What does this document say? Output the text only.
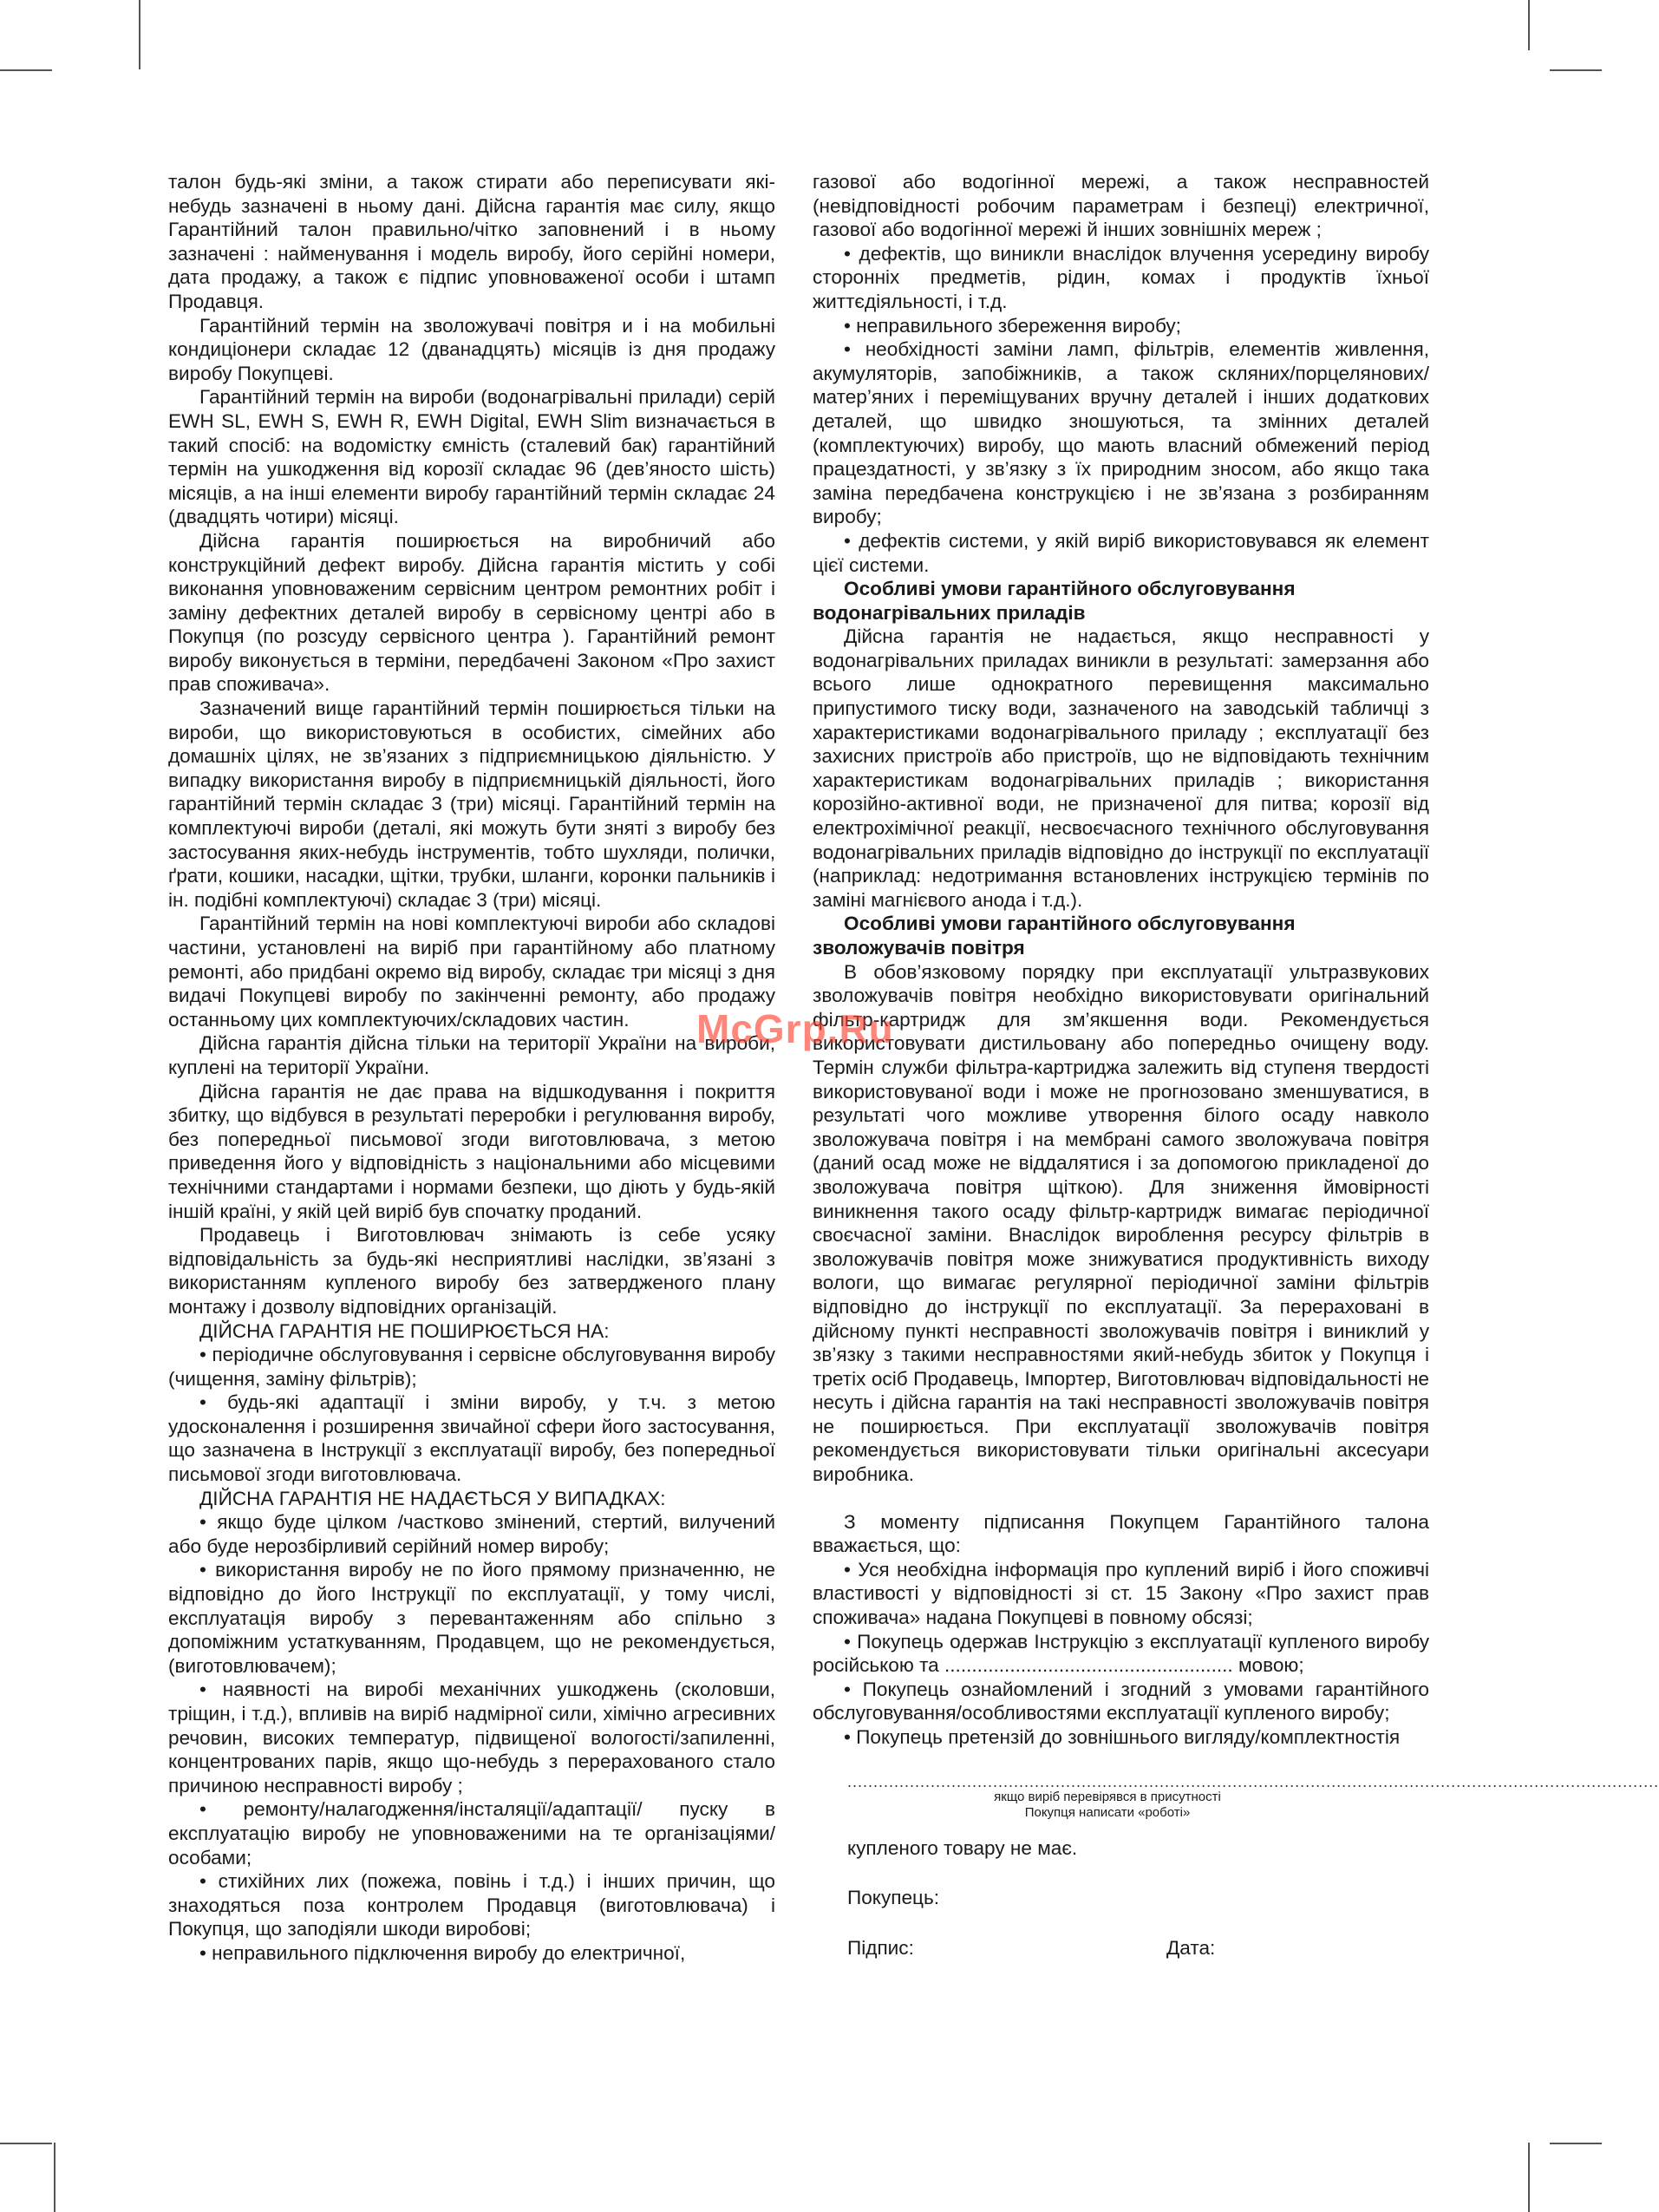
талон будь-які зміни, а також стирати або переписувати які-небудь зазначені в ньому дані. Дійсна гарантія має силу, якщо Гарантійний талон правильно/чітко заповнений і в ньому зазначені : найменування і модель виробу, його серійні номери, дата продажу, а також є підпис уповноваженої особи і штамп Продавця.

Гарантійний термін на зволожувачі повітря и і на мобильні кондиціонери складає 12 (дванадцять) місяців із дня продажу виробу Покупцеві.

Гарантійний термін на вироби (водонагрівальні прилади) серій EWH SL, EWH S, EWH R, EWH Digital, EWH Slim визначається в такий спосіб: на водомістку ємність (сталевий бак) гарантійний термін на ушкодження від корозії складає 96 (дев’яносто шість) місяців, а на інші елементи виробу гарантійний термін складає 24 (двадцять чотири) місяці.

Дійсна гарантія поширюється на виробничий або конструкційний дефект виробу. Дійсна гарантія містить у собі виконання уповноваженим сервісним центром ремонтних робіт і заміну дефектних деталей виробу в сервісному центрі або в Покупця (по розсуду сервісного центра ). Гарантійний ремонт виробу виконується в терміни, передбачені Законом «Про захист прав споживача».

Зазначений вище гарантійний термін поширюється тільки на вироби, що використовуються в особистих, сімейних або домашніх цілях, не зв’язаних з підприємницькою діяльністю. У випадку використання виробу в підприємницькій діяльності, його гарантійний термін складає 3 (три) місяці. Гарантійний термін на комплектуючі вироби (деталі, які можуть бути зняті з виробу без застосування яких-небудь інструментів, тобто шухляди, полички, ґрати, кошики, насадки, щітки, трубки, шланги, коронки пальників і ін. подібні комплектуючі) складає 3 (три) місяці.

Гарантійний термін на нові комплектуючі вироби або складові частини, установлені на виріб при гарантійному або платному ремонті, або придбані окремо від виробу, складає три місяці з дня видачі Покупцеві виробу по закінченні ремонту, або продажу останньому цих комплектуючих/складових частин.

Дійсна гарантія дійсна тільки на території України на вироби, куплені на території України.

Дійсна гарантія не дає права на відшкодування і покриття збитку, що відбувся в результаті переробки і регулювання виробу, без попередньої письмової згоди виготовлювача, з метою приведення його у відповідність з національними або місцевими технічними стандартами і нормами безпеки, що діють у будь-якій іншій країні, у якій цей виріб був спочатку проданий.

Продавець і Виготовлювач знімають із себе усяку відповідальність за будь-які несприятливі наслідки, зв’язані з використанням купленого виробу без затвердженого плану монтажу і дозволу відповідних організацій.

ДІЙСНА ГАРАНТІЯ НЕ ПОШИРЮЄТЬСЯ НА:

• періодичне обслуговування і сервісне обслуговування виробу (чищення, заміну фільтрів);

• будь-які адаптації і зміни виробу, у т.ч. з метою удосконалення і розширення звичайної сфери його застосування, що зазначена в Інструкції з експлуатації виробу, без попередньої письмової згоди виготовлювача.

ДІЙСНА ГАРАНТІЯ НЕ НАДАЄТЬСЯ У ВИПАДКАХ:

• якщо буде цілком /частково змінений, стертий, вилучений або буде нерозбірливий серійний номер виробу;

• використання виробу не по його прямому призначенню, не відповідно до його Інструкції по експлуатації, у тому числі, експлуатація виробу з перевантаженням або спільно з допоміжним устаткуванням, Продавцем, що не рекомендується, (виготовлювачем);

• наявності на виробі механічних ушкоджень (сколовши, тріщин, і т.д.), впливів на виріб надмірної сили, хімічно агресивних речовин, високих температур, підвищеної вологості/запиленні, концентрованих парів, якщо що-небудь з перерахованого стало причиною несправності виробу ;

• ремонту/налагодження/інсталяції/адаптації/ пуску в експлуатацію виробу не уповноваженими на те організаціями/особами;

• стихійних лих (пожежа, повінь і т.д.) і інших причин, що знаходяться поза контролем Продавця (виготовлювача) і Покупця, що заподіяли шкоди виробові;

• неправильного підключення виробу до електричної,

газової або водогінної мережі, а також несправностей (невідповідності робочим параметрам і безпеці) електричної, газової або водогінної мережі й інших зовнішніх мереж ;

• дефектів, що виникли внаслідок влучення усередину виробу сторонніх предметів, рідин, комах і продуктів їхньої життєдіяльності, і т.д.

• неправильного збереження виробу;

• необхідності заміни ламп, фільтрів, елементів живлення, акумуляторів, запобіжників, а також скляних/порцелянових/матер’яних і переміщуваних вручну деталей і інших додаткових деталей, що швидко зношуються, та змінних деталей (комплектуючих) виробу, що мають власний обмежений період працездатності, у зв’язку з їх природним зносом, або якщо така заміна передбачена конструкцією і не зв’язана з розбиранням виробу;

• дефектів системи, у якій виріб використовувався як елемент цієї системи.

Особливі умови гарантійного обслуговування водонагрівальних приладів

Дійсна гарантія не надається, якщо несправності у водонагрівальних приладах виникли в результаті: замерзання або всього лише однократного перевищення максимально припустимого тиску води, зазначеного на заводській табличці з характеристиками водонагрівального приладу ; експлуатації без захисних пристроїв або пристроїв, що не відповідають технічним характеристикам водонагрівальних приладів ; використання корозійно-активної води, не призначеної для питва; корозії від електрохімічної реакції, несвоєчасного технічного обслуговування водонагрівальних приладів відповідно до інструкції по експлуатації (наприклад: недотримання встановлених інструкцією термінів по заміні магнієвого анода і т.д.).

Особливі умови гарантійного обслуговування зволожувачів повітря

В обов’язковому порядку при експлуатації ультразвукових зволожувачів повітря необхідно використовувати оригінальний фільтр-картридж для зм’якшення води. Рекомендується використовувати дистильовану або попередньо очищену воду. Термін служби фільтра-картриджа залежить від ступеня твердості використовуваної води і може не прогнозовано зменшуватися, в результаті чого можливе утворення білого осаду навколо зволожувача повітря і на мембрані самого зволожувача повітря (даний осад може не віддалятися і за допомогою прикладеної до зволожувача повітря щіткою). Для зниження ймовірності виникнення такого осаду фільтр-картридж вимагає періодичної своєчасної заміни. Внаслідок вироблення ресурсу фільтрів в зволожувачів повітря може знижуватися продуктивність виходу вологи, що вимагає регулярної періодичної заміни фільтрів відповідно до інструкції по експлуатації. За перераховані в дійсному пункті несправності зволожувачів повітря і виниклий у зв’язку з такими несправностями який-небудь збиток у Покупця і третіх осіб Продавець, Імпортер, Виготовлювач відповідальності не несуть і дійсна гарантія на такі несправності зволожувачів повітря не поширюється. При експлуатації зволожувачів повітря рекомендується використовувати тільки оригінальні аксесуари виробника.

З моменту підписання Покупцем Гарантійного талона вважається, що:

• Уся необхідна інформація про куплений виріб і його споживчі властивості у відповідності зі ст. 15 Закону «Про захист прав споживача» надана Покупцеві в повному обсязі;

• Покупець одержав Інструкцію з експлуатації купленого виробу російською та ..................................................... мовою;

• Покупець ознайомлений і згодний з умовами гарантійного обслуговування/особливостями експлуатації купленого виробу;

• Покупець претензій до зовнішнього вигляду/комплектностія

............................................................................................................................................................
якщо виріб перевірявся в присутності
Покупця написати «роботі»
купленого товару не має.
Покупець:
Підпис:	Дата:
McGrp.Ru
